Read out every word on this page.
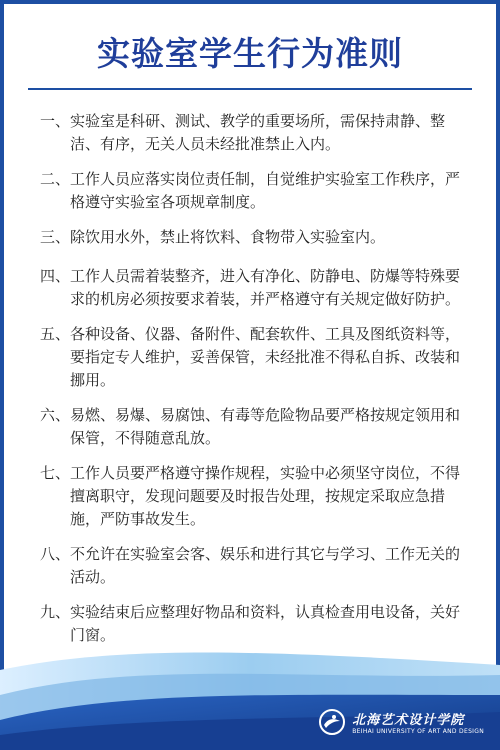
实验室学生行为准则
一、 实验室是科研、测试、教学的重要场所，需保持肃静、整洁、有序，无关人员未经批准禁止入内。
二、 工作人员应落实岗位责任制，自觉维护实验室工作秩序，严格遵守实验室各项规章制度。
三、 除饮用水外，禁止将饮料、食物带入实验室内。
四、 工作人员需着装整齐，进入有净化、防静电、防爆等特殊要求的机房必须按要求着装，并严格遵守有关规定做好防护。
五、 各种设备、仪器、备附件、配套软件、工具及图纸资料等，要指定专人维护，妥善保管，未经批准不得私自拆、改装和挪用。
六、 易燃、易爆、易腐蚀、有毒等危险物品要严格按规定领用和保管，不得随意乱放。
七、 工作人员要严格遵守操作规程，实验中必须坚守岗位，不得擅离职守，发现问题要及时报告处理，按规定采取应急措施，严防事故发生。
八、 不允许在实验室会客、娱乐和进行其它与学习、工作无关的活动。
九、 实验结束后应整理好物品和资料，认真检查用电设备，关好门窗。
北海艺术设计学院
BEIHAI UNIVERSITY OF ART AND DESIGN
